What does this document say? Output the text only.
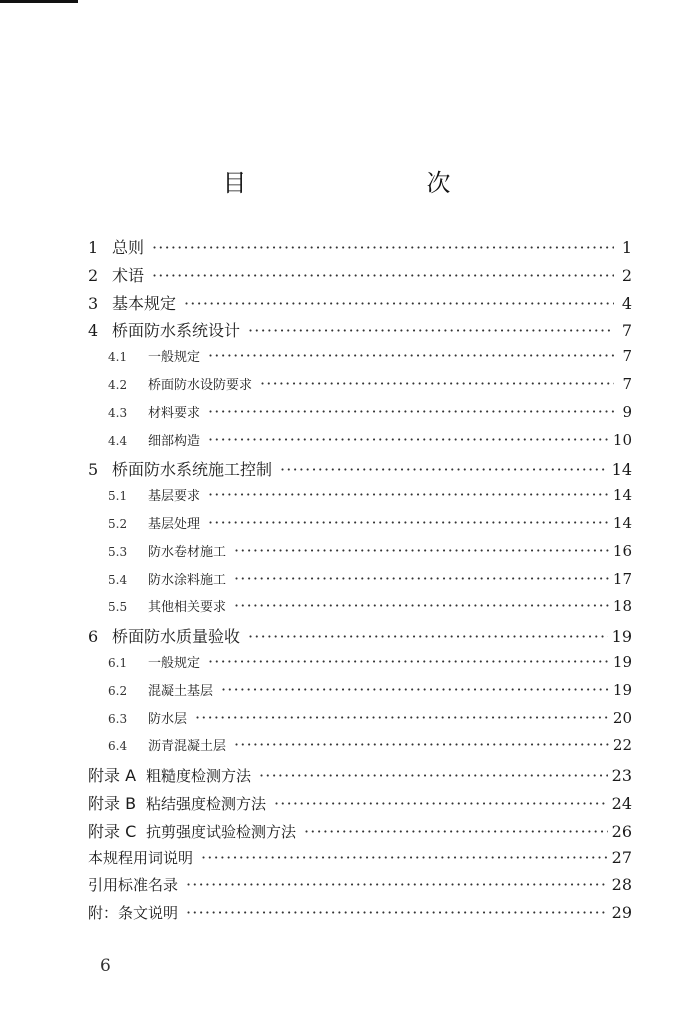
目　　次
1 总则 ·····	1
2 术语 ·····	2
3 基本规定 ·····	4
4 桥面防水系统设计 ·····	7
4.1	一般规定 ·····	7
4.2	桥面防水设防要求 ·····	7
4.3	材料要求 ·····	9
4.4	细部构造 ·····	10
5 桥面防水系统施工控制 ·····	14
5.1	基层要求 ·····	14
5.2	基层处理 ·····	14
5.3	防水卷材施工 ·····	16
5.4	防水涂料施工 ·····	17
5.5	其他相关要求 ·····	18
6 桥面防水质量验收 ·····	19
6.1	一般规定 ·····	19
6.2	混凝土基层 ·····	19
6.3	防水层 ·····	20
6.4	沥青混凝土层 ·····	22
附录 A 粗糙度检测方法 ·····	23
附录 B 粘结强度检测方法 ·····	24
附录 C 抗剪强度试验检测方法 ·····	26
本规程用词说明 ·····	27
引用标准名录 ·····	28
附：条文说明 ·····	29
6
